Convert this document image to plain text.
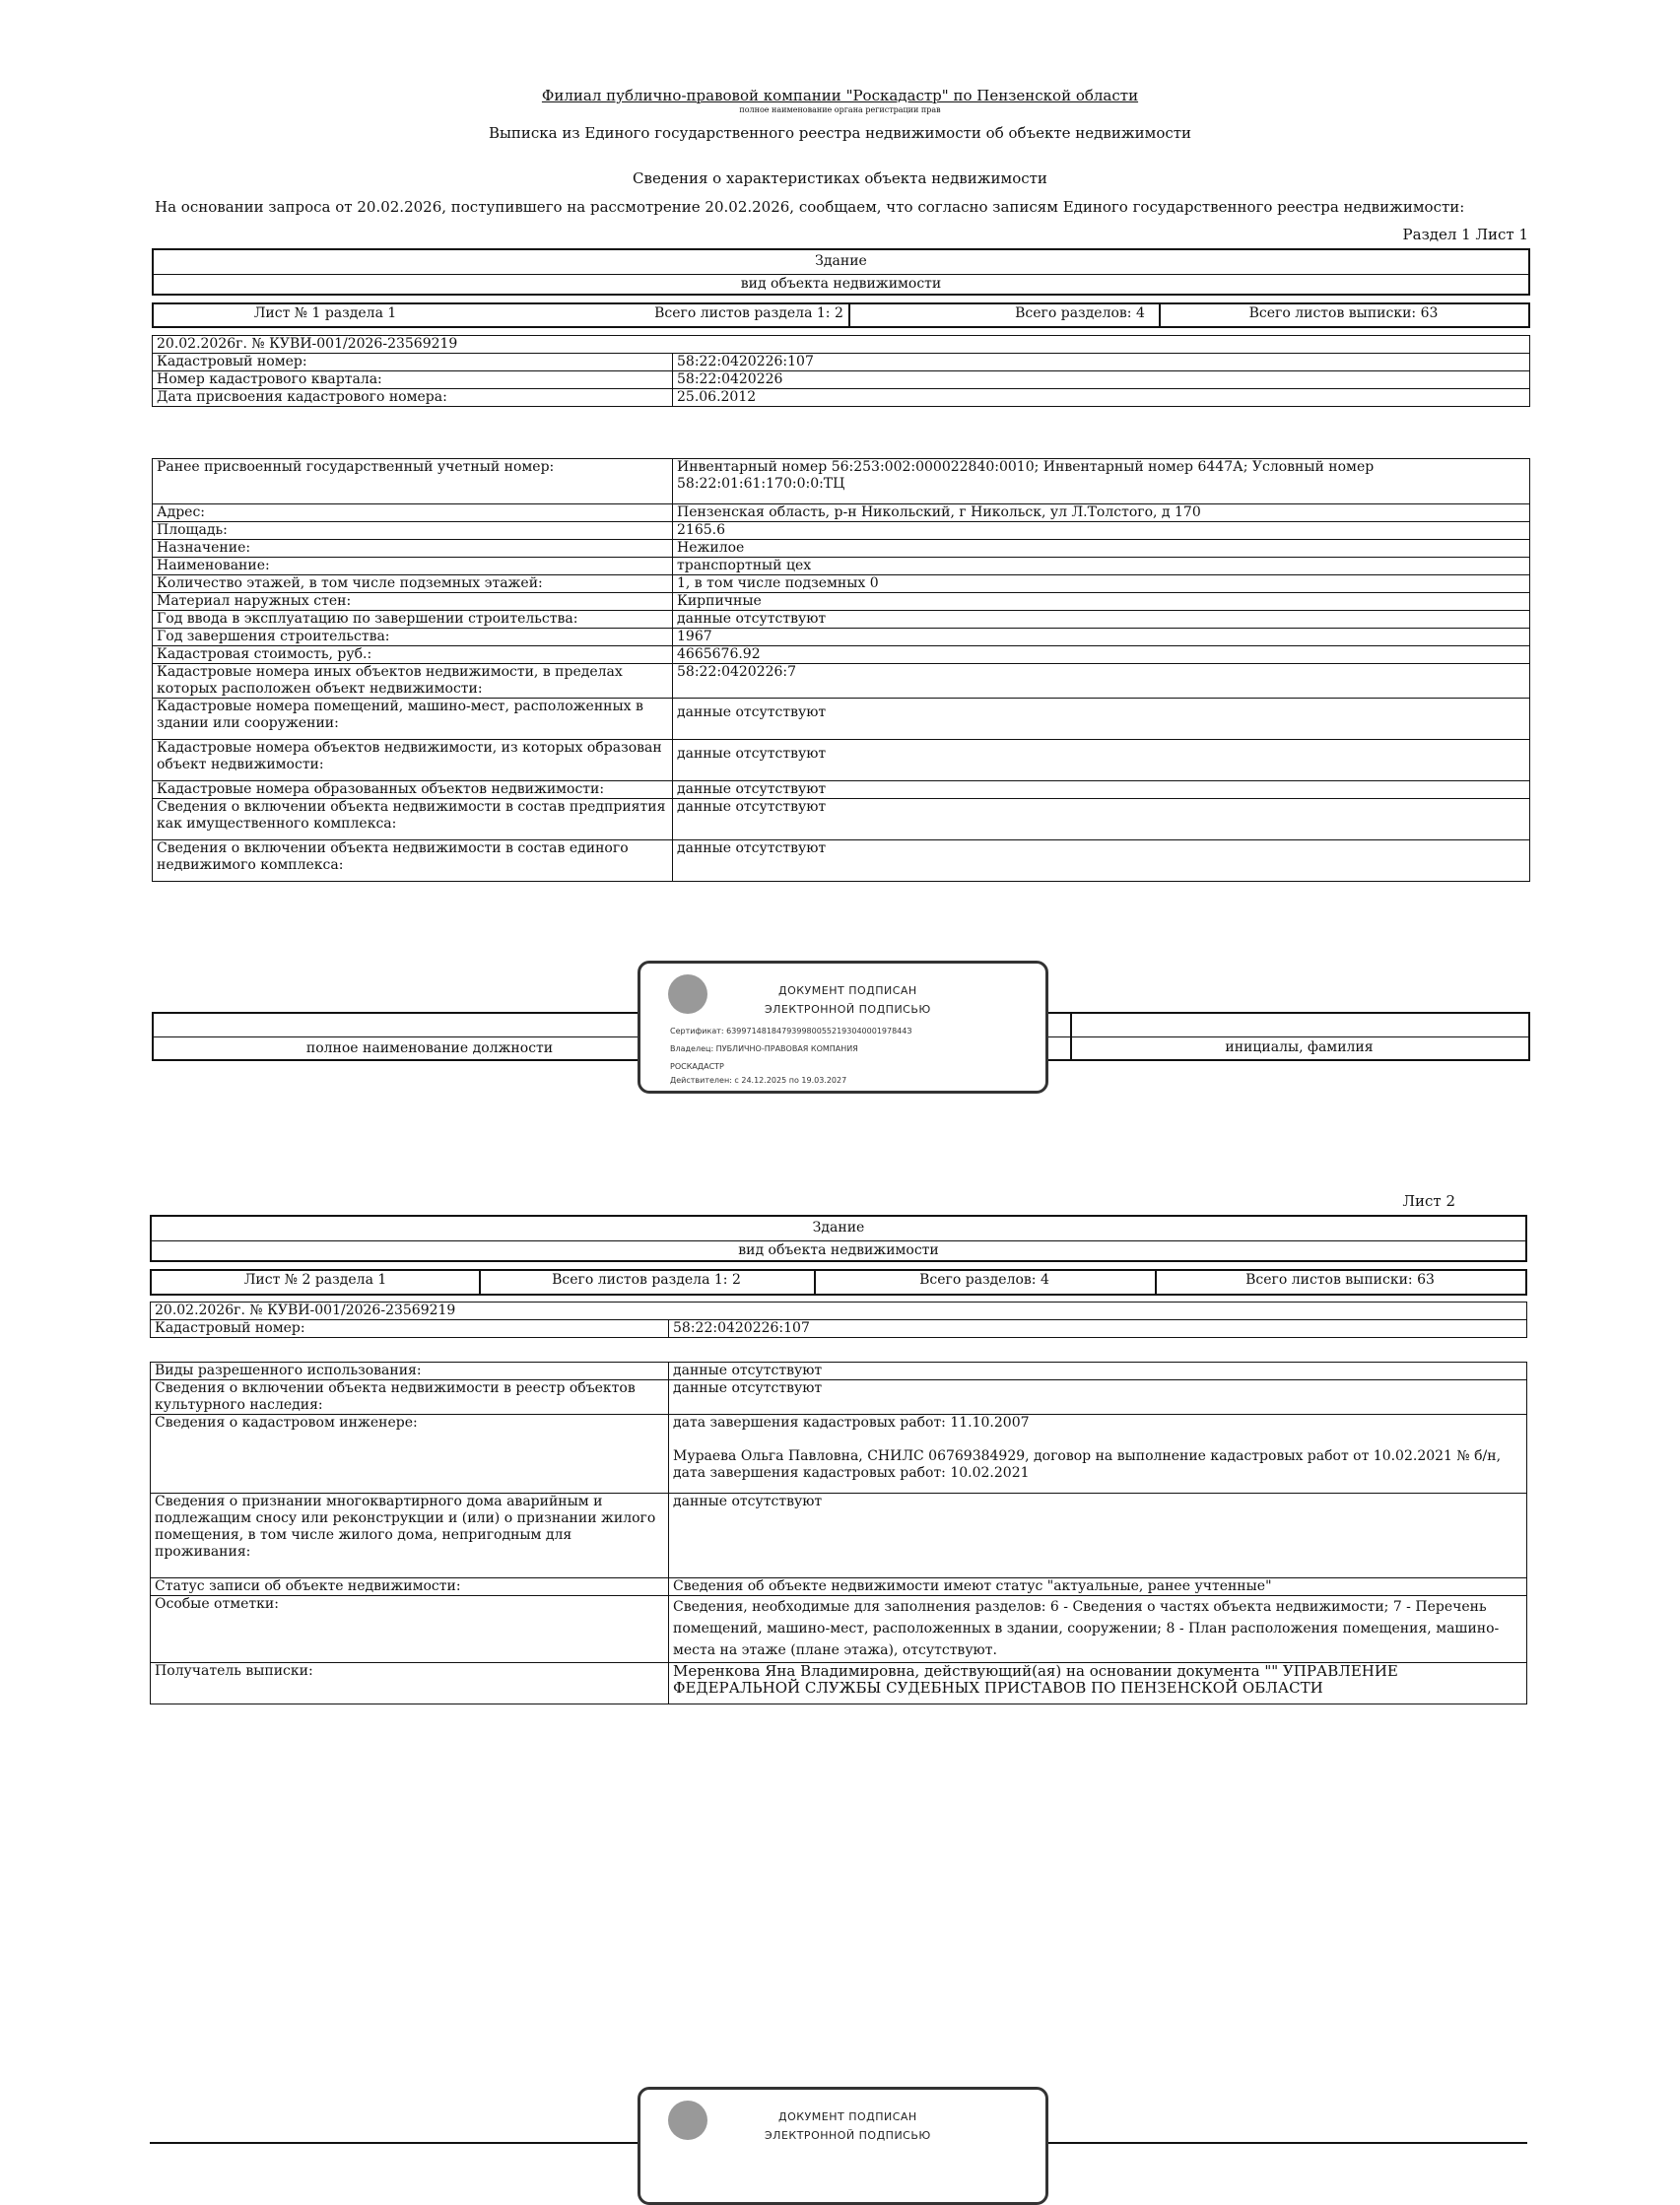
Филиал публично-правовой компании "Роскадастр" по Пензенской области
полное наименование органа регистрации прав
Выписка из Единого государственного реестра недвижимости об объекте недвижимости
Сведения о характеристиках объекта недвижимости
На основании запроса от 20.02.2026, поступившего на рассмотрение 20.02.2026, сообщаем, что согласно записям Единого государственного реестра недвижимости:
Раздел 1 Лист 1
Здание
вид объекта недвижимости
Лист № 1 раздела 1	Всего листов раздела 1: 2	Всего разделов: 4	Всего листов выписки: 63
20.02.2026г. № КУВИ-001/2026-23569219	
Кадастровый номер:	58:22:0420226:107
Номер кадастрового квартала:	58:22:0420226
Дата присвоения кадастрового номера:	25.06.2012
Ранее присвоенный государственный учетный номер:	Инвентарный номер 56:253:002:000022840:0010; Инвентарный номер 6447А; Условный номер 58:22:01:61:170:0:0:ТЦ
Адрес:	Пензенская область, р-н Никольский, г Никольск, ул Л.Толстого, д 170
Площадь:	2165.6
Назначение:	Нежилое
Наименование:	транспортный цех
Количество этажей, в том числе подземных этажей:	1, в том числе подземных 0
Материал наружных стен:	Кирпичные
Год ввода в эксплуатацию по завершении строительства:	данные отсутствуют
Год завершения строительства:	1967
Кадастровая стоимость, руб.:	4665676.92
Кадастровые номера иных объектов недвижимости, в пределах которых расположен объект недвижимости:	58:22:0420226:7
Кадастровые номера помещений, машино-мест, расположенных в здании или сооружении:	данные отсутствуют
Кадастровые номера объектов недвижимости, из которых образован объект недвижимости:	данные отсутствуют
Кадастровые номера образованных объектов недвижимости:	данные отсутствуют
Сведения о включении объекта недвижимости в состав предприятия как имущественного комплекса:	данные отсутствуют
Сведения о включении объекта недвижимости в состав единого недвижимого комплекса:	данные отсутствуют
полное наименование должности	инициалы, фамилия
ДОКУМЕНТ ПОДПИСАН
ЭЛЕКТРОННОЙ ПОДПИСЬЮ
Сертификат: 639971481847939980055219304000197844З
Владелец: ПУБЛИЧНО-ПРАВОВАЯ КОМПАНИЯ
РОСКАДАСТР
Действителен: с 24.12.2025 по 19.03.2027
Лист 2
Здание
вид объекта недвижимости
Лист № 2 раздела 1	Всего листов раздела 1: 2	Всего разделов: 4	Всего листов выписки: 63
20.02.2026г. № КУВИ-001/2026-23569219
Кадастровый номер:	58:22:0420226:107
Виды разрешенного использования:	данные отсутствуют
Сведения о включении объекта недвижимости в реестр объектов культурного наследия:	данные отсутствуют
Сведения о кадастровом инженере:	дата завершения кадастровых работ: 11.10.2007

Мураева Ольга Павловна, СНИЛС 06769384929, договор на выполнение кадастровых работ от 10.02.2021 № б/н, дата завершения кадастровых работ: 10.02.2021
Сведения о признании многоквартирного дома аварийным и подлежащим сносу или реконструкции и (или) о признании жилого помещения, в том числе жилого дома, непригодным для проживания:	данные отсутствуют
Статус записи об объекте недвижимости:	Сведения об объекте недвижимости имеют статус "актуальные, ранее учтенные"
Особые отметки:	Сведения, необходимые для заполнения разделов: 6 - Сведения о частях объекта недвижимости; 7 - Перечень помещений, машино-мест, расположенных в здании, сооружении; 8 - План расположения помещения, машино-места на этаже (плане этажа), отсутствуют.
Получатель выписки:	Меренкова Яна Владимировна, действующий(ая) на основании документа "" УПРАВЛЕНИЕ ФЕДЕРАЛЬНОЙ СЛУЖБЫ СУДЕБНЫХ ПРИСТАВОВ ПО ПЕНЗЕНСКОЙ ОБЛАСТИ
ДОКУМЕНТ ПОДПИСАН
ЭЛЕКТРОННОЙ ПОДПИСЬЮ
